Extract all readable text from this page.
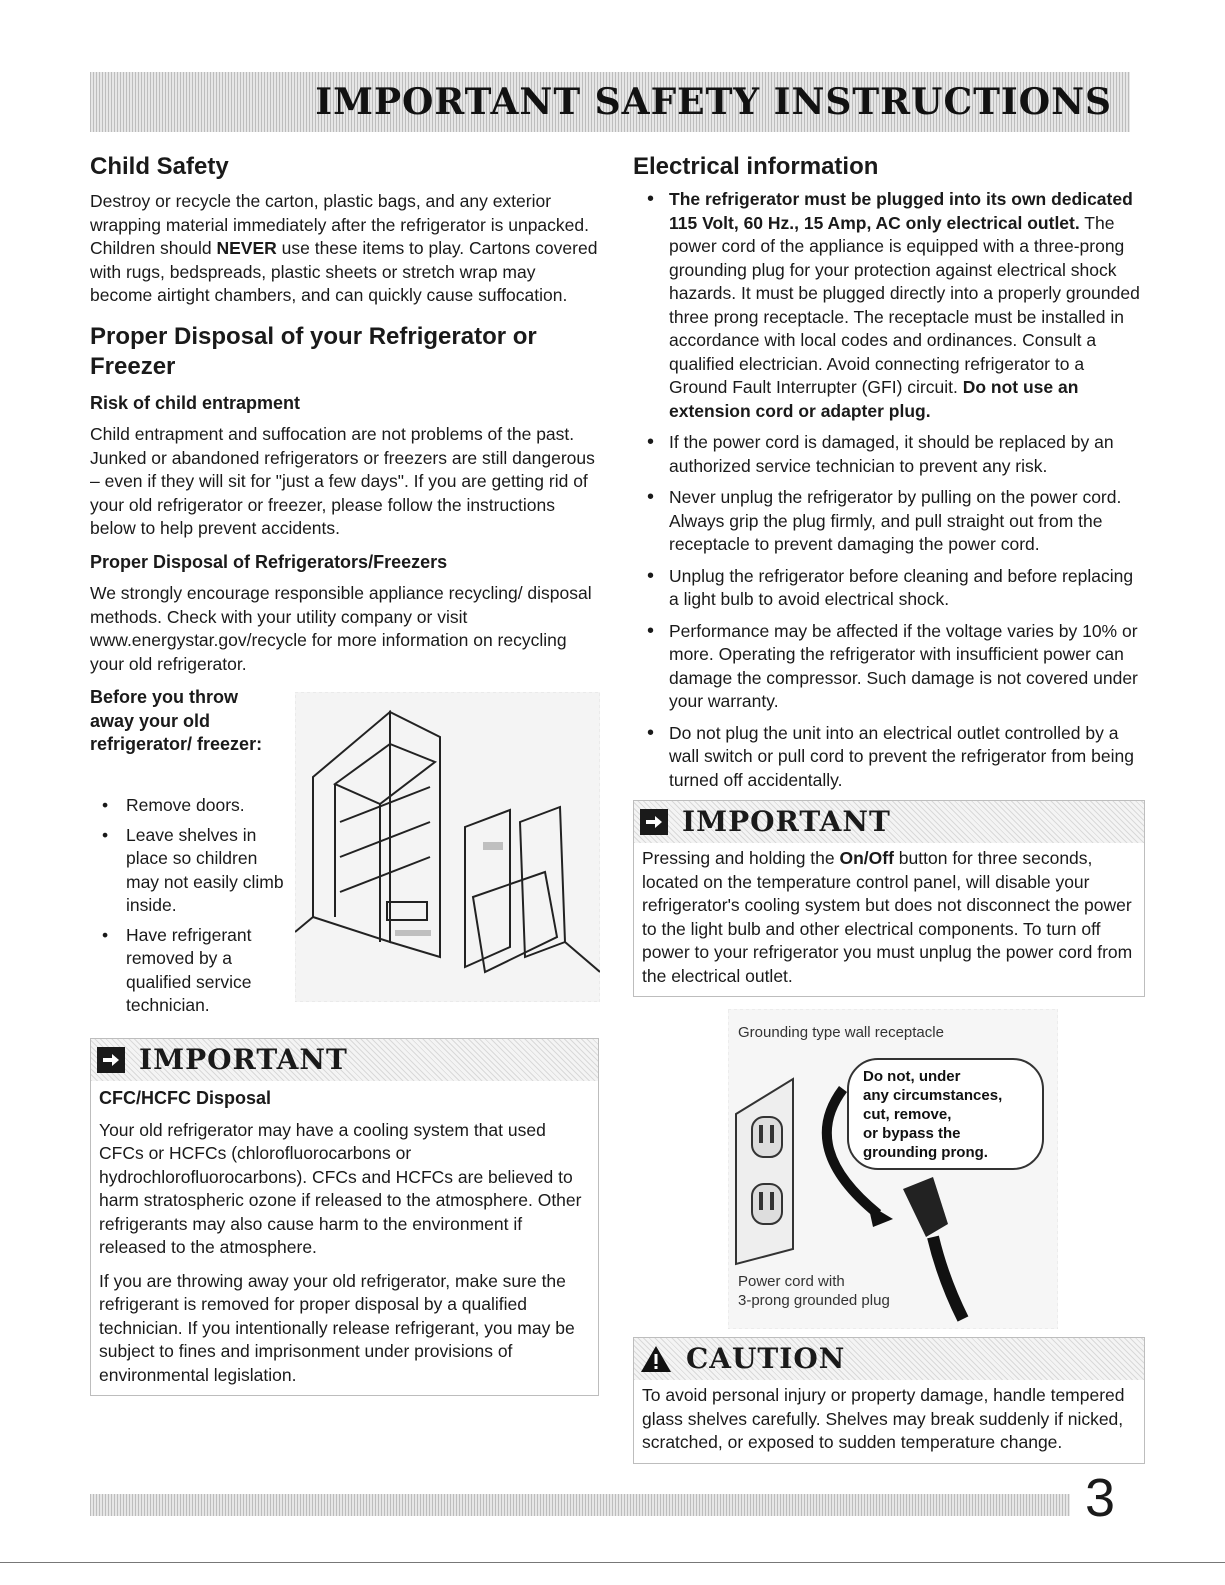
IMPORTANT SAFETY INSTRUCTIONS
Child Safety

Destroy or recycle the carton, plastic bags, and any exterior wrapping material immediately after the refrigerator is unpacked. Children should NEVER use these items to play. Cartons covered with rugs, bedspreads, plastic sheets or stretch wrap may become airtight chambers, and can quickly cause suffocation.

Proper Disposal of your Refrigerator or Freezer
Risk of child entrapment

Child entrapment and suffocation are not problems of the past. Junked or abandoned refrigerators or freezers are still dangerous – even if they will sit for "just a few days". If you are getting rid of your old refrigerator or freezer, please follow the instructions below to help prevent accidents.

Proper Disposal of Refrigerators/Freezers

We strongly encourage responsible appliance recycling/ disposal methods. Check with your utility company or visit www.energystar.gov/recycle for more information on recycling your old refrigerator.

Before you throw away your old refrigerator/ freezer:

• Remove doors.
• Leave shelves in place so children may not easily climb inside.
• Have refrigerant removed by a qualified service technician.
IMPORTANT
CFC/HCFC Disposal

Your old refrigerator may have a cooling system that used CFCs or HCFCs (chlorofluorocarbons or hydrochlorofluorocarbons). CFCs and HCFCs are believed to harm stratospheric ozone if released to the atmosphere. Other refrigerants may also cause harm to the environment if released to the atmosphere.

If you are throwing away your old refrigerator, make sure the refrigerant is removed for proper disposal by a qualified technician. If you intentionally release refrigerant, you may be subject to fines and imprisonment under provisions of environmental legislation.

Electrical information
• The refrigerator must be plugged into its own dedicated 115 Volt, 60 Hz., 15 Amp, AC only electrical outlet. The power cord of the appliance is equipped with a three-prong grounding plug for your protection against electrical shock hazards. It must be plugged directly into a properly grounded three prong receptacle. The receptacle must be installed in accordance with local codes and ordinances. Consult a qualified electrician. Avoid connecting refrigerator to a Ground Fault Interrupter (GFI) circuit. Do not use an extension cord or adapter plug.
• If the power cord is damaged, it should be replaced by an authorized service technician to prevent any risk.
• Never unplug the refrigerator by pulling on the power cord. Always grip the plug firmly, and pull straight out from the receptacle to prevent damaging the power cord.
• Unplug the refrigerator before cleaning and before replacing a light bulb to avoid electrical shock.
• Performance may be affected if the voltage varies by 10% or more. Operating the refrigerator with insufficient power can damage the compressor. Such damage is not covered under your warranty.
• Do not plug the unit into an electrical outlet controlled by a wall switch or pull cord to prevent the refrigerator from being turned off accidentally.
IMPORTANT

Pressing and holding the On/Off button for three seconds, located on the temperature control panel, will disable your refrigerator's cooling system but does not disconnect the power to the light bulb and other electrical components. To turn off power to your refrigerator you must unplug the power cord from the electrical outlet.

Grounding type wall receptacle
Do not, under any circumstances, cut, remove, or bypass the grounding prong.
Power cord with 3-prong grounded plug
CAUTION

To avoid personal injury or property damage, handle tempered glass shelves carefully. Shelves may break suddenly if nicked, scratched, or exposed to sudden temperature change.

3
